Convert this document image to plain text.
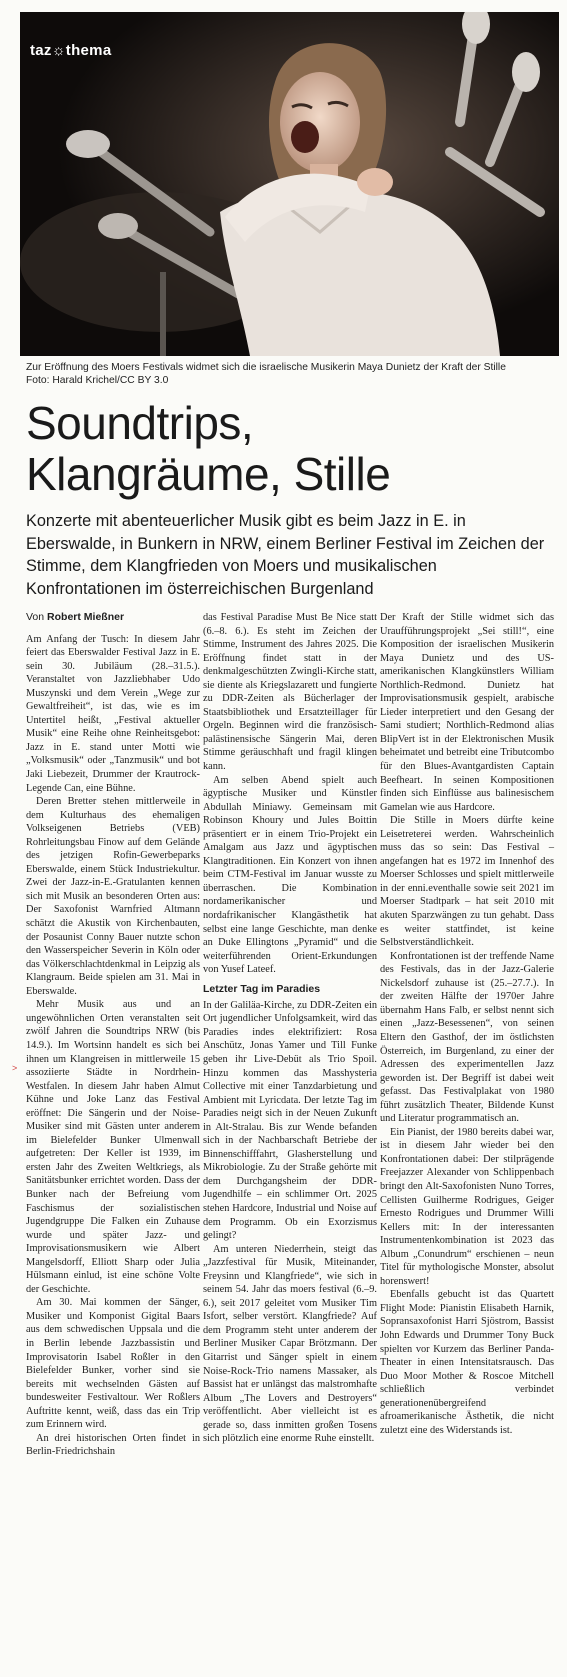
taz☼thema
Zur Eröffnung des Moers Festivals widmet sich die israelische Musikerin Maya Dunietz der Kraft der Stille
Foto: Harald Krichel/CC BY 3.0
Soundtrips,
Klangräume, Stille

Konzerte mit abenteuerlicher Musik gibt es beim Jazz in E. in Eberswalde, in Bunkern in NRW, einem Berliner Festival im Zeichen der Stimme, dem Klangfrieden von Moers und musikalischen Konfrontationen im österreichischen Burgenland

>
Von Robert Mießner

Am Anfang der Tusch: In diesem Jahr feiert das Eberswalder Festival Jazz in E. sein 30. Jubiläum (28.–31.5.). Veranstaltet von Jazzliebhaber Udo Muszynski und dem Verein „Wege zur Gewaltfreiheit“, ist das, wie es im Untertitel heißt, „Festival aktueller Musik“ eine Reihe ohne Reinheitsgebot: Jazz in E. stand unter Motti wie „Volksmusik“ oder „Tanzmusik“ und bot Jaki Liebezeit, Drummer der Krautrock-Legende Can, eine Bühne.

Deren Bretter stehen mittlerweile in dem Kulturhaus des ehemaligen Volkseigenen Betriebs (VEB) Rohrleitungsbau Finow auf dem Gelände des jetzigen Rofin-Gewerbeparks Eberswalde, einem Stück Industriekultur. Zwei der Jazz-in-E.-Gratulanten kennen sich mit Musik an besonderen Orten aus: Der Saxofonist Warnfried Altmann schätzt die Akustik von Kirchenbauten, der Posaunist Conny Bauer nutzte schon den Wasserspeicher Severin in Köln oder das Völkerschlachtdenkmal in Leipzig als Klangraum. Beide spielen am 31. Mai in Eberswalde.

Mehr Musik aus und an ungewöhnlichen Orten veranstalten seit zwölf Jahren die Soundtrips NRW (bis 14.9.). Im Wortsinn handelt es sich bei ihnen um Klangreisen in mittlerweile 15 assoziierte Städte in Nordrhein-Westfalen. In diesem Jahr haben Almut Kühne und Joke Lanz das Festival eröffnet: Die Sängerin und der Noise-Musiker sind mit Gästen unter anderem im Bielefelder Bunker Ulmenwall aufgetreten: Der Keller ist 1939, im ersten Jahr des Zweiten Weltkriegs, als Sanitätsbunker errichtet worden. Dass der Bunker nach der Befreiung vom Faschismus der sozialistischen Jugendgruppe Die Falken ein Zuhause wurde und später Jazz- und Improvisationsmusikern wie Albert Mangelsdorff, Elliott Sharp oder Julia Hülsmann einlud, ist eine schöne Volte der Geschichte.

Am 30. Mai kommen der Sänger, Musiker und Komponist Gigital Baars aus dem schwedischen Uppsala und die in Berlin lebende Jazzbassistin und Improvisatorin Isabel Roßler in den Bielefelder Bunker, vorher sind sie bereits mit wechselnden Gästen auf bundesweiter Festivaltour. Wer Roßlers Auftritte kennt, weiß, dass das ein Trip zum Erinnern wird.

An drei historischen Orten findet in Berlin-Friedrichshain

das Festival Paradise Must Be Nice statt (6.–8. 6.). Es steht im Zeichen der Stimme, Instrument des Jahres 2025. Die Eröffnung findet statt in der denkmalgeschützten Zwingli-Kirche statt, sie diente als Kriegslazarett und fungierte zu DDR-Zeiten als Bücherlager der Staatsbibliothek und Ersatzteillager für Orgeln. Beginnen wird die französisch-palästinensische Sängerin Mai, deren Stimme geräuschhaft und fragil klingen kann.

Am selben Abend spielt auch ägyptische Musiker und Künstler Abdullah Miniawy. Gemeinsam mit Robinson Khoury und Jules Boittin präsentiert er in einem Trio-Projekt ein Amalgam aus Jazz und ägyptischen Klangtraditionen. Ein Konzert von ihnen beim CTM-Festival im Januar wusste zu überraschen. Die Kombination nordamerikanischer und nordafrikanischer Klangästhetik hat selbst eine lange Geschichte, man denke an Duke Ellingtons „Pyramid“ und die weiterführenden Orient-Erkundungen von Yusef Lateef.

Letzter Tag im Paradies

In der Galiläa-Kirche, zu DDR-Zeiten ein Ort jugendlicher Unfolgsamkeit, wird das Paradies indes elektrifiziert: Rosa Anschütz, Jonas Yamer und Till Funke geben ihr Live-Debüt als Trio Spoil. Hinzu kommen das Masshysteria Collective mit einer Tanzdarbietung und Ambient mit Lyricdata. Der letzte Tag im Paradies neigt sich in der Neuen Zukunft in Alt-Stralau. Bis zur Wende befanden sich in der Nachbarschaft Betriebe der Binnenschifffahrt, Glasherstellung und Mikrobiologie. Zu der Straße gehörte mit dem Durchgangsheim der DDR-Jugendhilfe – ein schlimmer Ort. 2025 stehen Hardcore, Industrial und Noise auf dem Programm. Ob ein Exorzismus gelingt?

Am unteren Niederrhein, steigt das „Jazzfestival für Musik, Miteinander, Freysinn und Klangfriede“, wie sich in seinem 54. Jahr das moers festival (6.–9. 6.), seit 2017 geleitet vom Musiker Tim Isfort, selber verstört. Klangfriede? Auf dem Programm steht unter anderem der Berliner Musiker Capar Brötzmann. Der Gitarrist und Sänger spielt in einem Noise-Rock-Trio namens Massaker, als Bassist hat er unlängst das malstromhafte Album „The Lovers and Destroyers“ veröffentlicht. Aber vielleicht ist es gerade so, dass inmitten großen Tosens sich plötzlich eine enorme Ruhe einstellt.

Der Kraft der Stille widmet sich das Uraufführungsprojekt „Sei still!“, eine Komposition der israelischen Musikerin Maya Dunietz und des US-amerikanischen Klangkünstlers William Northlich-Redmond. Dunietz hat Improvisationsmusik gespielt, arabische Lieder interpretiert und den Gesang der Sami studiert; Northlich-Redmond alias BlipVert ist in der Elektronischen Musik beheimatet und betreibt eine Tributcombo für den Blues-Avantgardisten Captain Beefheart. In seinen Kompositionen finden sich Einflüsse aus balinesischem Gamelan wie aus Hardcore.

Die Stille in Moers dürfte keine Leisetreterei werden. Wahrscheinlich muss das so sein: Das Festival – angefangen hat es 1972 im Innenhof des Moerser Schlosses und spielt mittlerweile in der enni.eventhalle sowie seit 2021 im Moerser Stadtpark – hat seit 2010 mit akuten Sparzwängen zu tun gehabt. Dass es weiter stattfindet, ist keine Selbstverständlichkeit.

Konfrontationen ist der treffende Name des Festivals, das in der Jazz-Galerie Nickelsdorf zuhause ist (25.–27.7.). In der zweiten Hälfte der 1970er Jahre übernahm Hans Falb, er selbst nennt sich einen „Jazz-Besessenen“, von seinen Eltern den Gasthof, der im östlichsten Österreich, im Burgenland, zu einer der Adressen des experimentellen Jazz geworden ist. Der Begriff ist dabei weit gefasst. Das Festivalplakat von 1980 führt zusätzlich Theater, Bildende Kunst und Literatur programmatisch an.

Ein Pianist, der 1980 bereits dabei war, ist in diesem Jahr wieder bei den Konfrontationen dabei: Der stilprägende Freejazzer Alexander von Schlippenbach bringt den Alt-Saxofonisten Nuno Torres, Cellisten Guilherme Rodrigues, Geiger Ernesto Rodrigues und Drummer Willi Kellers mit: In der interessanten Instrumentenkombination ist 2023 das Album „Conundrum“ erschienen – neun Titel für mythologische Monster, absolut horenswert!

Ebenfalls gebucht ist das Quartett Flight Mode: Pianistin Elisabeth Harnik, Sopransaxofonist Harri Sjöstrom, Bassist John Edwards und Drummer Tony Buck spielten vor Kurzem das Berliner Panda-Theater in einen Intensitatsrausch. Das Duo Moor Mother & Roscoe Mitchell schließlich verbindet generationenübergreifend afroamerikanische Ästhetik, die nicht zuletzt eine des Widerstands ist.
